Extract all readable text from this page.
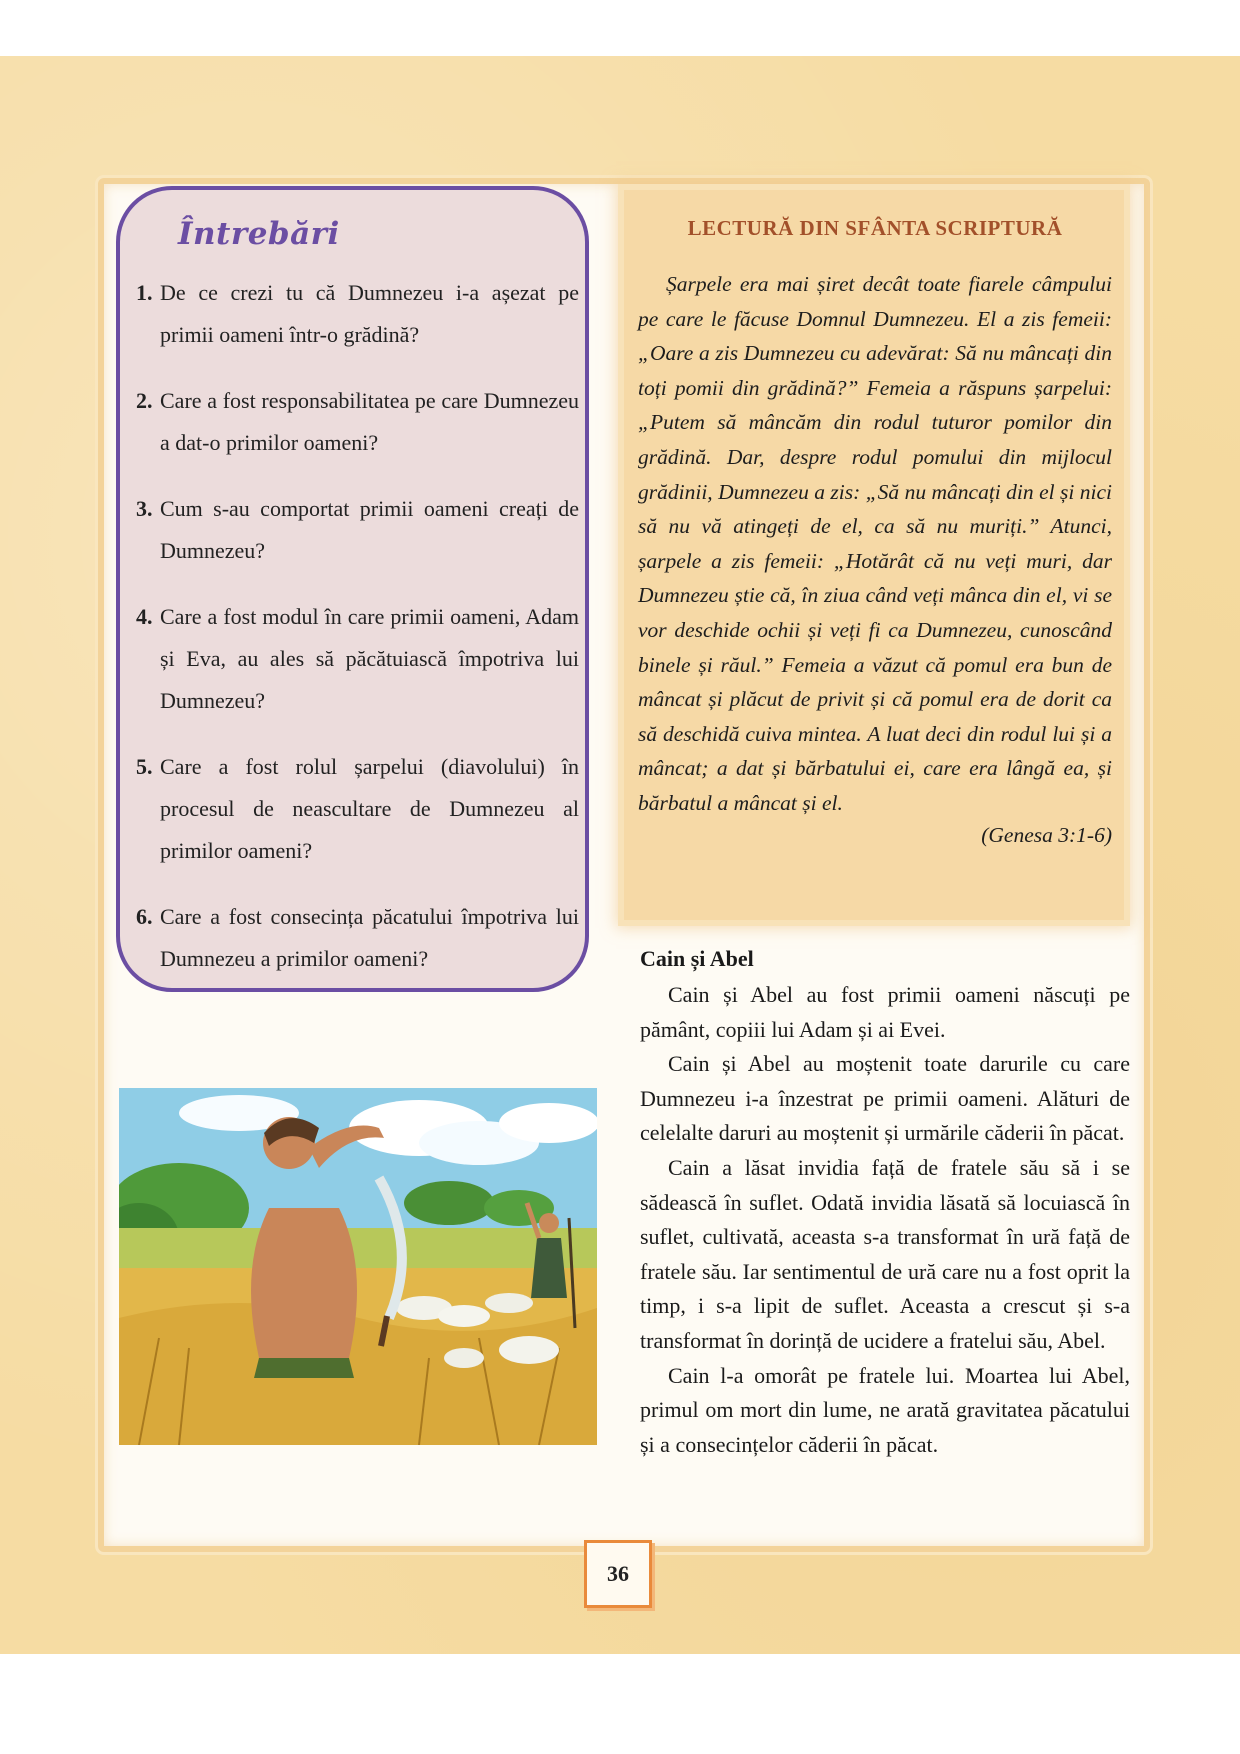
Întrebări
1. De ce crezi tu că Dumnezeu i-a așezat pe primii oameni într-o grădină?
2. Care a fost responsabilitatea pe care Dumnezeu a dat-o primilor oameni?
3. Cum s-au comportat primii oameni creați de Dumnezeu?
4. Care a fost modul în care primii oameni, Adam și Eva, au ales să păcătuiască împotriva lui Dumnezeu?
5. Care a fost rolul șarpelui (diavolului) în procesul de neascultare de Dumnezeu al primilor oameni?
6. Care a fost consecința păcatului împotriva lui Dumnezeu a primilor oameni?
LECTURĂ DIN SFÂNTA SCRIPTURĂ

Șarpele era mai șiret decât toate fiarele câmpului pe care le făcuse Domnul Dumnezeu. El a zis femeii: „Oare a zis Dumnezeu cu adevărat: Să nu mâncați din toți pomii din grădină?” Femeia a răspuns șarpelui: „Putem să mâncăm din rodul tuturor pomilor din grădină. Dar, despre rodul pomului din mijlocul grădinii, Dumnezeu a zis: „Să nu mâncați din el și nici să nu vă atingeți de el, ca să nu muriți.” Atunci, șarpele a zis femeii: „Hotărât că nu veți muri, dar Dumnezeu știe că, în ziua când veți mânca din el, vi se vor deschide ochii și veți fi ca Dumnezeu, cunoscând binele și răul.” Femeia a văzut că pomul era bun de mâncat și plăcut de privit și că pomul era de dorit ca să deschidă cuiva mintea. A luat deci din rodul lui și a mâncat; a dat și bărbatului ei, care era lângă ea, și bărbatul a mâncat și el.

(Genesa 3:1-6)
Cain și Abel

Cain și Abel au fost primii oameni născuți pe pământ, copiii lui Adam și ai Evei.

Cain și Abel au moștenit toate darurile cu care Dumnezeu i-a înzestrat pe primii oameni. Alături de celelalte daruri au moștenit și urmările căderii în păcat.

Cain a lăsat invidia față de fratele său să i se sădească în suflet. Odată invidia lăsată să locuiască în suflet, cultivată, aceasta s-a transformat în ură față de fratele său. Iar sentimentul de ură care nu a fost oprit la timp, i s-a lipit de suflet. Aceasta a crescut și s-a transformat în dorință de ucidere a fratelui său, Abel.

Cain l-a omorât pe fratele lui. Moartea lui Abel, primul om mort din lume, ne arată gravitatea păcatului și a consecințelor căderii în păcat.

36
